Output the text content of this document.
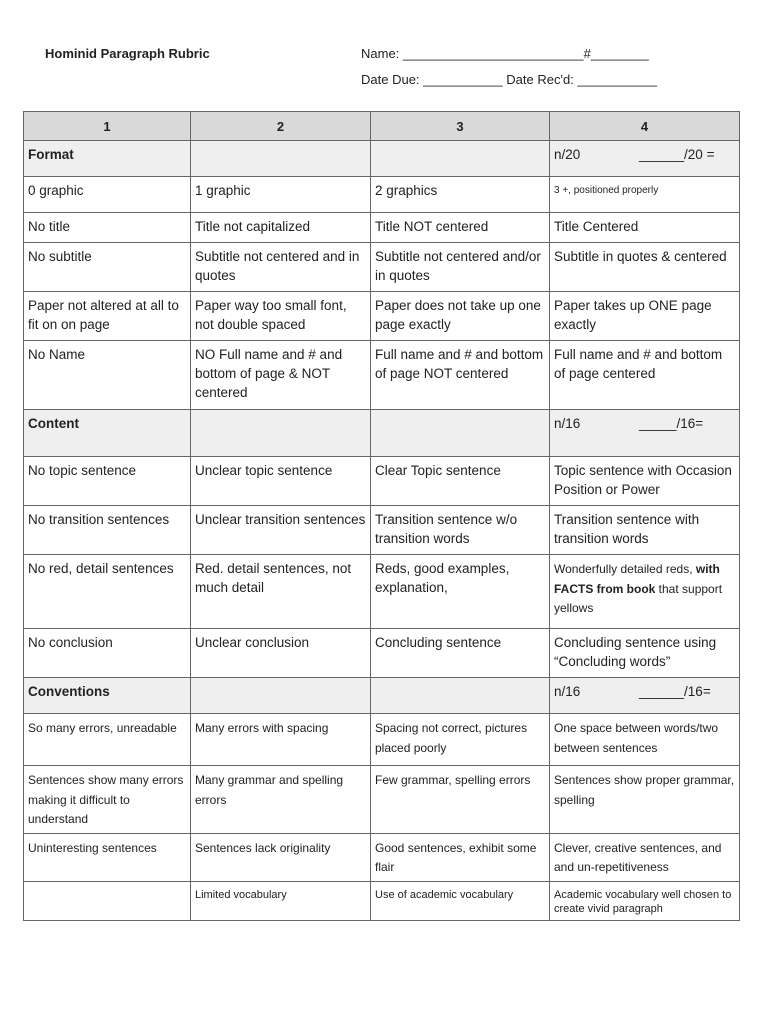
Hominid Paragraph Rubric	Name: _________________________#________
Date Due: ___________ Date Rec'd: ___________
1	2	3	4
Format			n/20 ______/20 =
0 graphic	1 graphic	2 graphics	3 +, positioned properly

No title	Title not capitalized	Title NOT centered	Title Centered
No subtitle	Subtitle not centered and in quotes	Subtitle not centered and/or in quotes	Subtitle in quotes & centered
Paper not altered at all to fit on on page	Paper way too small font, not double spaced	Paper does not take up one page exactly	Paper takes up ONE page exactly
No Name	NO Full name and # and bottom of page & NOT centered	Full name and # and bottom of page NOT centered	Full name and # and bottom of page centered
Content			n/16 _____/16=
No topic sentence	Unclear topic sentence	Clear Topic sentence	Topic sentence with Occasion Position or Power
No transition sentences	Unclear transition sentences	Transition sentence w/o transition words	Transition sentence with transition words
No red, detail sentences	Red. detail sentences, not much detail	Reds, good examples, explanation,	Wonderfully detailed reds, with FACTS from book that support yellows
No conclusion	Unclear conclusion	Concluding sentence	Concluding sentence using “Concluding words”
Conventions			n/16 ______/16=
So many errors, unreadable	Many errors with spacing	Spacing not correct, pictures placed poorly	One space between words/two between sentences
Sentences show many errors making it difficult to understand	Many grammar and spelling errors	Few grammar, spelling errors	Sentences show proper grammar, spelling
Uninteresting sentences	Sentences lack originality	Good sentences, exhibit some flair	Clever, creative sentences, and and un-repetitiveness

	Limited vocabulary	Use of academic vocabulary	Academic vocabulary well chosen to create vivid paragraph
